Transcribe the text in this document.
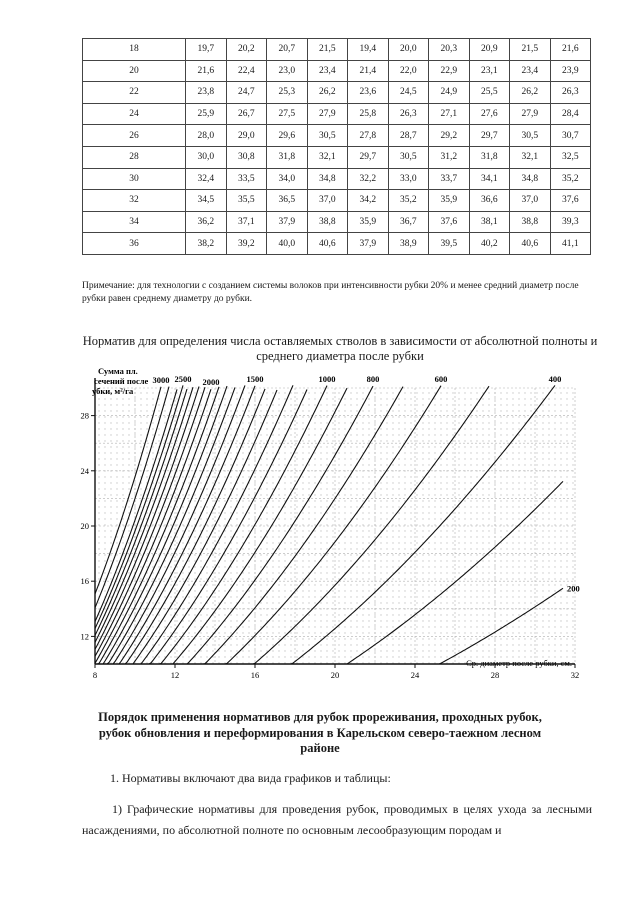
18	19,7	20,2	20,7	21,5	19,4	20,0	20,3	20,9	21,5	21,6
20	21,6	22,4	23,0	23,4	21,4	22,0	22,9	23,1	23,4	23,9
22	23,8	24,7	25,3	26,2	23,6	24,5	24,9	25,5	26,2	26,3
24	25,9	26,7	27,5	27,9	25,8	26,3	27,1	27,6	27,9	28,4
26	28,0	29,0	29,6	30,5	27,8	28,7	29,2	29,7	30,5	30,7
28	30,0	30,8	31,8	32,1	29,7	30,5	31,2	31,8	32,1	32,5
30	32,4	33,5	34,0	34,8	32,2	33,0	33,7	34,1	34,8	35,2
32	34,5	35,5	36,5	37,0	34,2	35,2	35,9	36,6	37,0	37,6
34	36,2	37,1	37,9	38,8	35,9	36,7	37,6	38,1	38,8	39,3
36	38,2	39,2	40,0	40,6	37,9	38,9	39,5	40,2	40,6	41,1
Примечание: для технологии с созданием системы волоков при интенсивности рубки 20% и менее средний диаметр после рубки равен среднему диаметру до рубки.
Норматив для определения числа оставляемых стволов в зависимости от абсолютной полноты и среднего диаметра после рубки
8	12	16	20	24	28	32
12
16
20
24
28
3000 2500 2000	1500	1000	800	600	400
200
Сумма пл.
сечений после
убки, м²/га
Ср. диаметр после рубки, см.
Порядок применения нормативов для рубок прореживания, проходных рубок, рубок обновления и переформирования в Карельском северо-таежном лесном районе
1. Нормативы включают два вида графиков и таблицы:
1) Графические нормативы для проведения рубок, проводимых в целях ухода за лесными насаждениями, по абсолютной полноте по основным лесообразующим породам и
